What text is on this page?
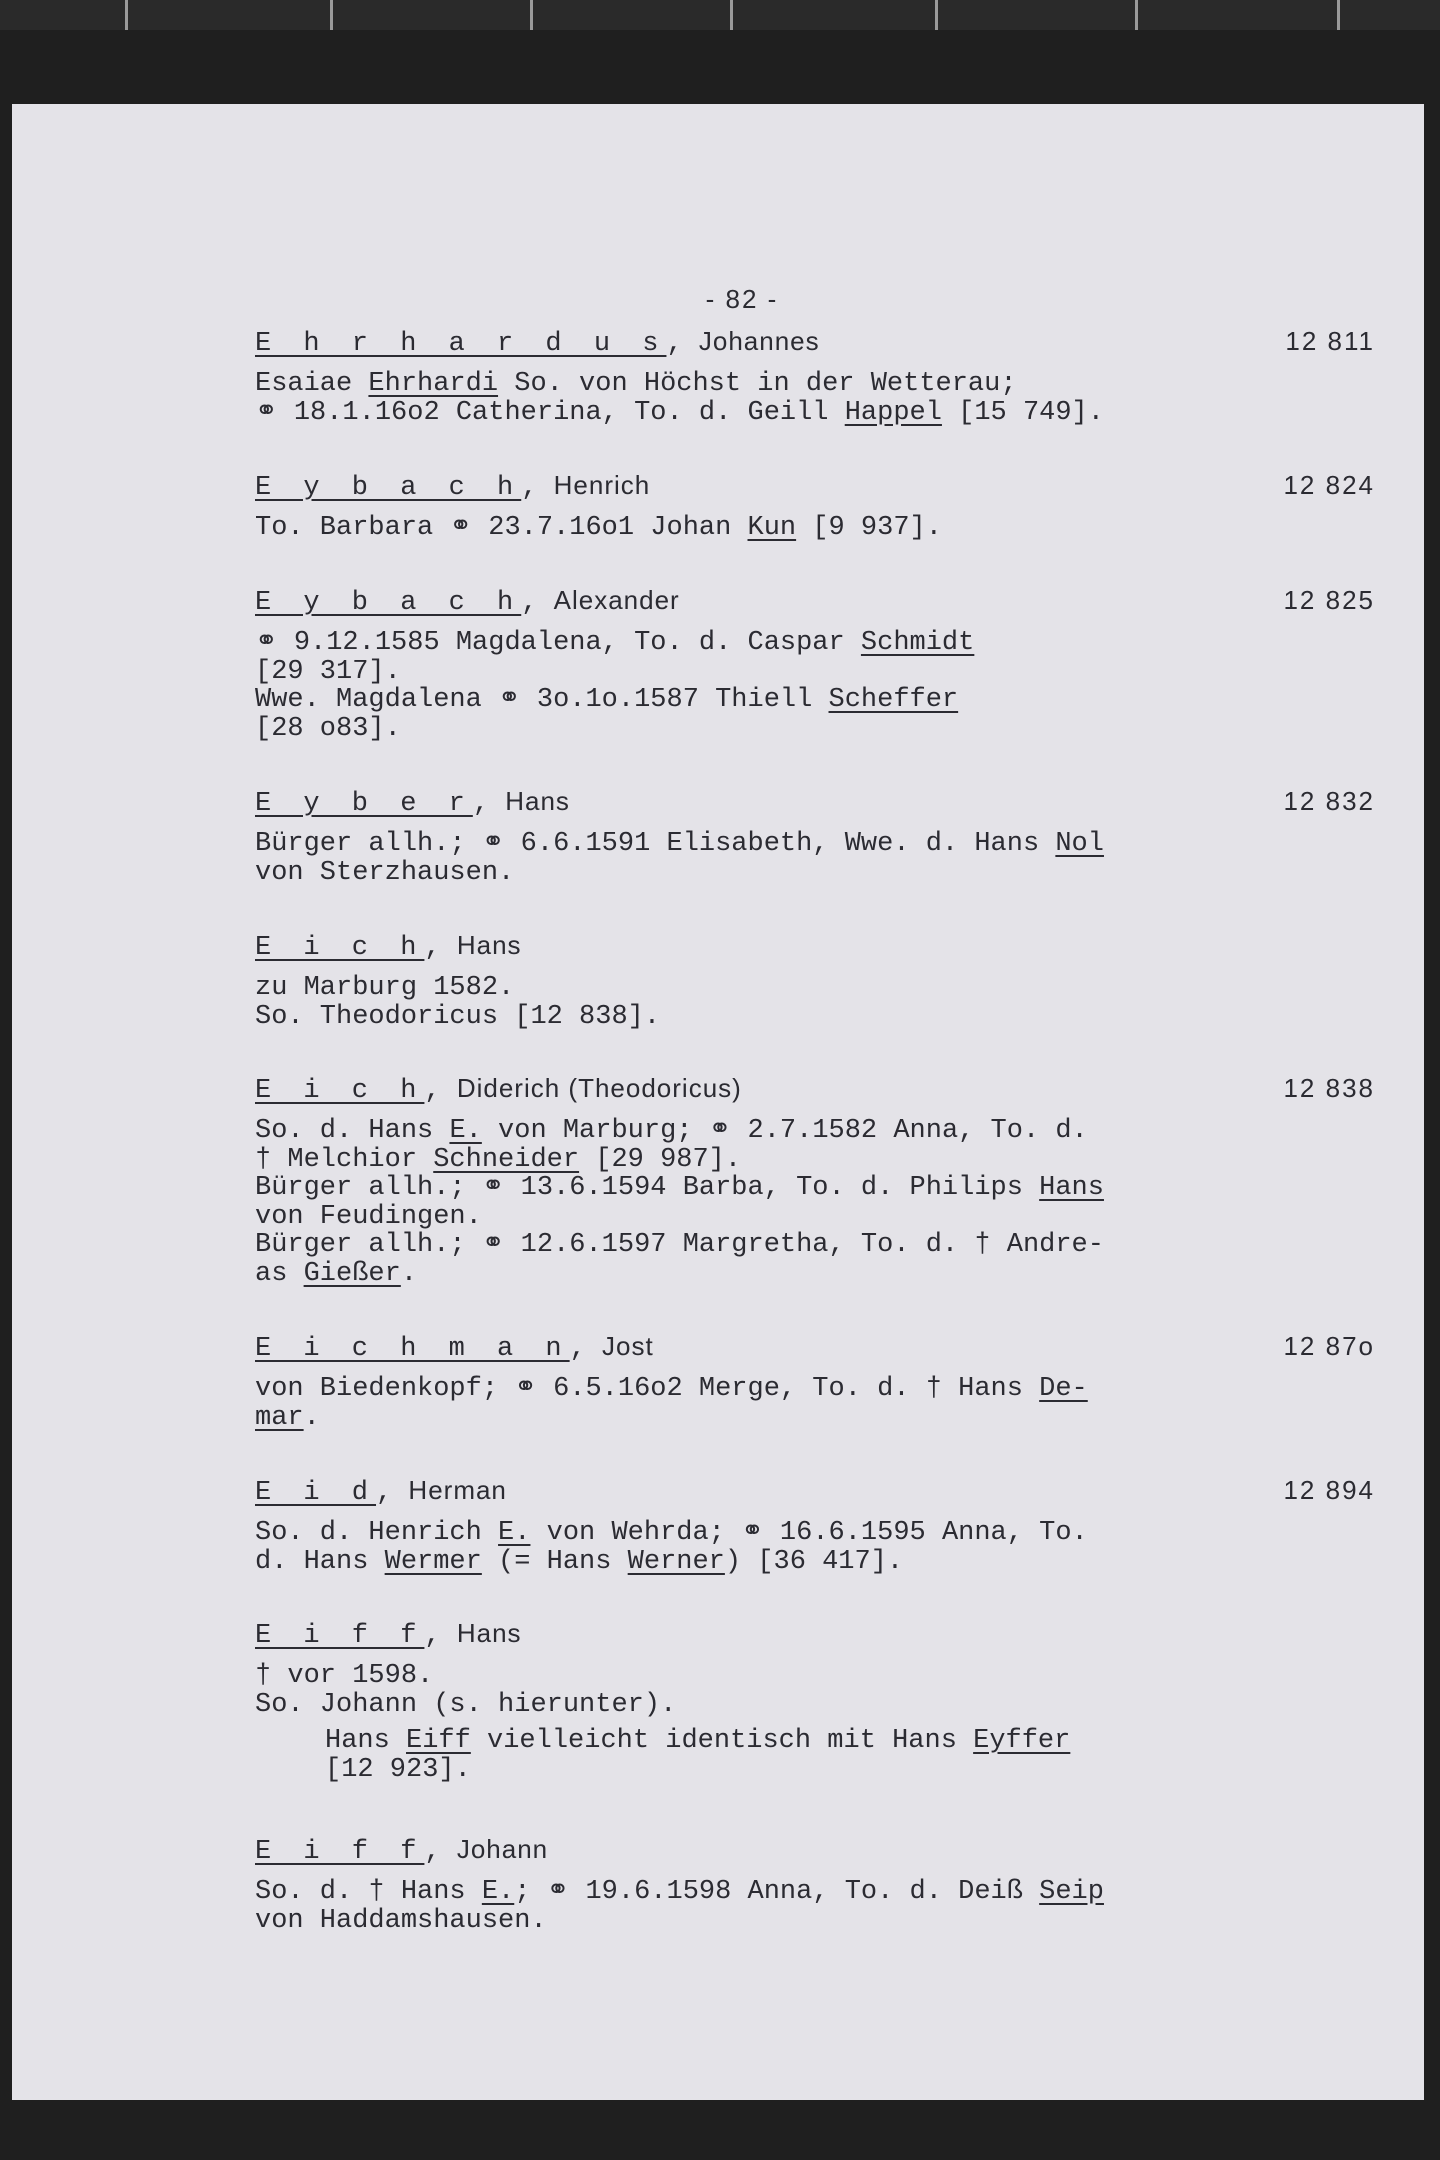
- 82 -
E h r h a r d u s, Johannes	12 811
Esaiae Ehrhardi So. von Höchst in der Wetterau;
⚭ 18.1.16o2 Catherina, To. d. Geill Happel [15 749].
E y b a c h, Henrich	12 824
To. Barbara ⚭ 23.7.16o1 Johan Kun [9 937].
E y b a c h, Alexander	12 825
⚭ 9.12.1585 Magdalena, To. d. Caspar Schmidt
[29 317].
Wwe. Magdalena ⚭ 3o.1o.1587 Thiell Scheffer
[28 o83].
E y b e r, Hans	12 832
Bürger allh.; ⚭ 6.6.1591 Elisabeth, Wwe. d. Hans Nol
von Sterzhausen.
E i c h, Hans
zu Marburg 1582.
So. Theodoricus [12 838].
E i c h, Diderich (Theodoricus)	12 838
So. d. Hans E. von Marburg; ⚭ 2.7.1582 Anna, To. d.
† Melchior Schneider [29 987].
Bürger allh.; ⚭ 13.6.1594 Barba, To. d. Philips Hans
von Feudingen.
Bürger allh.; ⚭ 12.6.1597 Margretha, To. d. † Andre-
as Gießer.
E i c h m a n, Jost	12 87o
von Biedenkopf; ⚭ 6.5.16o2 Merge, To. d. † Hans De-
mar.
E i d, Herman	12 894
So. d. Henrich E. von Wehrda; ⚭ 16.6.1595 Anna, To.
d. Hans Wermer (= Hans Werner) [36 417].
E i f f, Hans
† vor 1598.
So. Johann (s. hierunter).
Hans Eiff vielleicht identisch mit Hans Eyffer
[12 923].
E i f f, Johann
So. d. † Hans E.; ⚭ 19.6.1598 Anna, To. d. Deiß Seip
von Haddamshausen.
